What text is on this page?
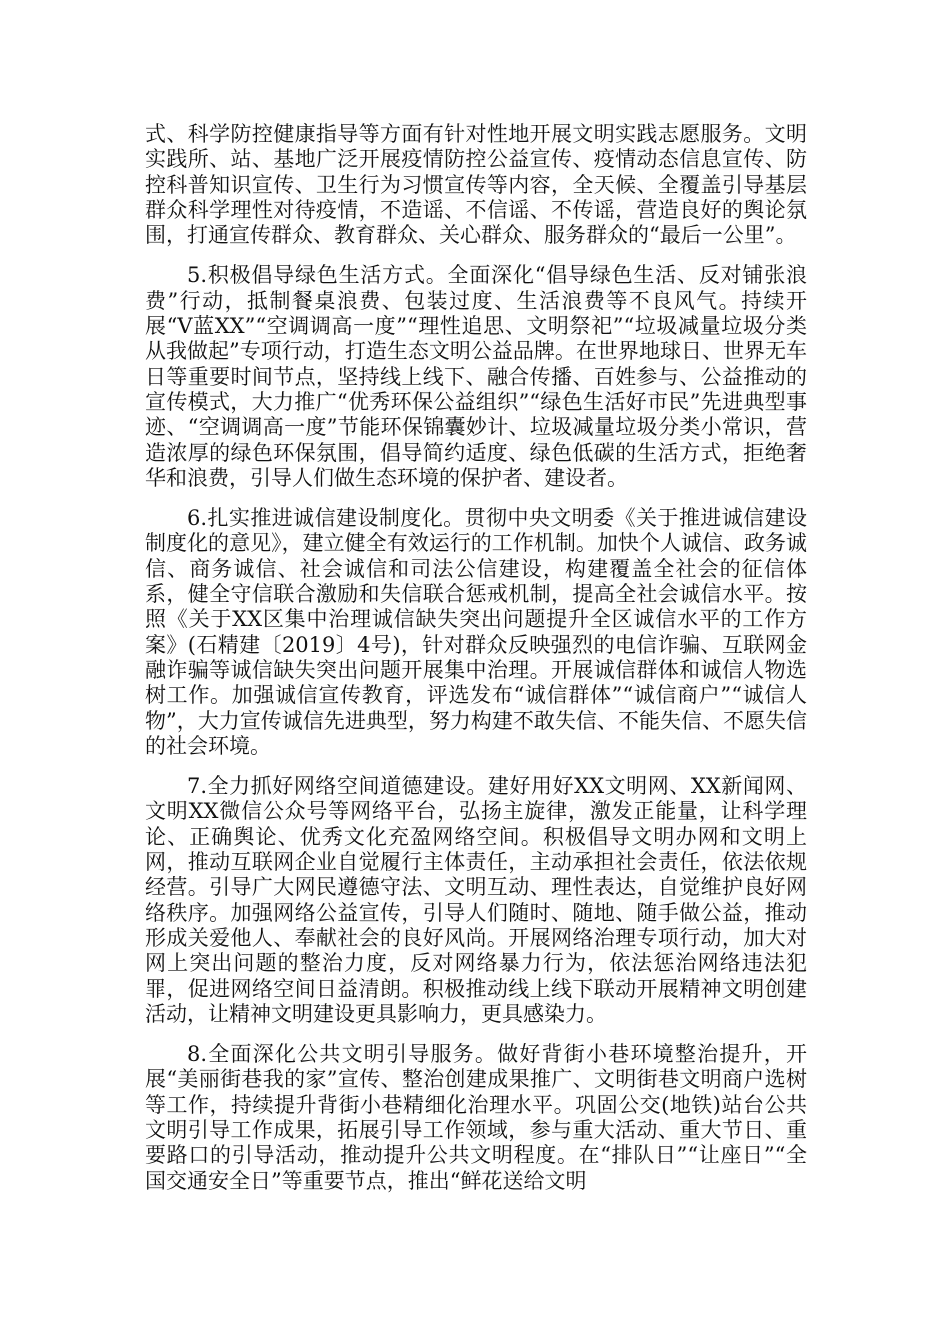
式、科学防控健康指导等方面有针对性地开展文明实践志愿服务。文明实践所、站、基地广泛开展疫情防控公益宣传、疫情动态信息宣传、防控科普知识宣传、卫生行为习惯宣传等内容，全天候、全覆盖引导基层群众科学理性对待疫情，不造谣、不信谣、不传谣，营造良好的舆论氛围，打通宣传群众、教育群众、关心群众、服务群众的“最后一公里”。

5.积极倡导绿色生活方式。全面深化“倡导绿色生活、反对铺张浪费”行动，抵制餐桌浪费、包装过度、生活浪费等不良风气。持续开展“V蓝XX”“空调调高一度”“理性追思、文明祭祀”“垃圾减量垃圾分类从我做起”专项行动，打造生态文明公益品牌。在世界地球日、世界无车日等重要时间节点，坚持线上线下、融合传播、百姓参与、公益推动的宣传模式，大力推广“优秀环保公益组织”“绿色生活好市民”先进典型事迹、“空调调高一度”节能环保锦囊妙计、垃圾减量垃圾分类小常识，营造浓厚的绿色环保氛围，倡导简约适度、绿色低碳的生活方式，拒绝奢华和浪费，引导人们做生态环境的保护者、建设者。

6.扎实推进诚信建设制度化。贯彻中央文明委《关于推进诚信建设制度化的意见》，建立健全有效运行的工作机制。加快个人诚信、政务诚信、商务诚信、社会诚信和司法公信建设，构建覆盖全社会的征信体系，健全守信联合激励和失信联合惩戒机制，提高全社会诚信水平。按照《关于XX区集中治理诚信缺失突出问题提升全区诚信水平的工作方案》(石精建〔2019〕4号)，针对群众反映强烈的电信诈骗、互联网金融诈骗等诚信缺失突出问题开展集中治理。开展诚信群体和诚信人物选树工作。加强诚信宣传教育，评选发布“诚信群体”“诚信商户”“诚信人物”，大力宣传诚信先进典型，努力构建不敢失信、不能失信、不愿失信的社会环境。

7.全力抓好网络空间道德建设。建好用好XX文明网、XX新闻网、文明XX微信公众号等网络平台，弘扬主旋律，激发正能量，让科学理论、正确舆论、优秀文化充盈网络空间。积极倡导文明办网和文明上网，推动互联网企业自觉履行主体责任，主动承担社会责任，依法依规经营。引导广大网民遵德守法、文明互动、理性表达，自觉维护良好网络秩序。加强网络公益宣传，引导人们随时、随地、随手做公益，推动形成关爱他人、奉献社会的良好风尚。开展网络治理专项行动，加大对网上突出问题的整治力度，反对网络暴力行为，依法惩治网络违法犯罪，促进网络空间日益清朗。积极推动线上线下联动开展精神文明创建活动，让精神文明建设更具影响力，更具感染力。

8.全面深化公共文明引导服务。做好背街小巷环境整治提升，开展“美丽街巷我的家”宣传、整治创建成果推广、文明街巷文明商户选树等工作，持续提升背街小巷精细化治理水平。巩固公交(地铁)站台公共文明引导工作成果，拓展引导工作领域，参与重大活动、重大节日、重要路口的引导活动，推动提升公共文明程度。在“排队日”“让座日”“全国交通安全日”等重要节点，推出“鲜花送给文明
